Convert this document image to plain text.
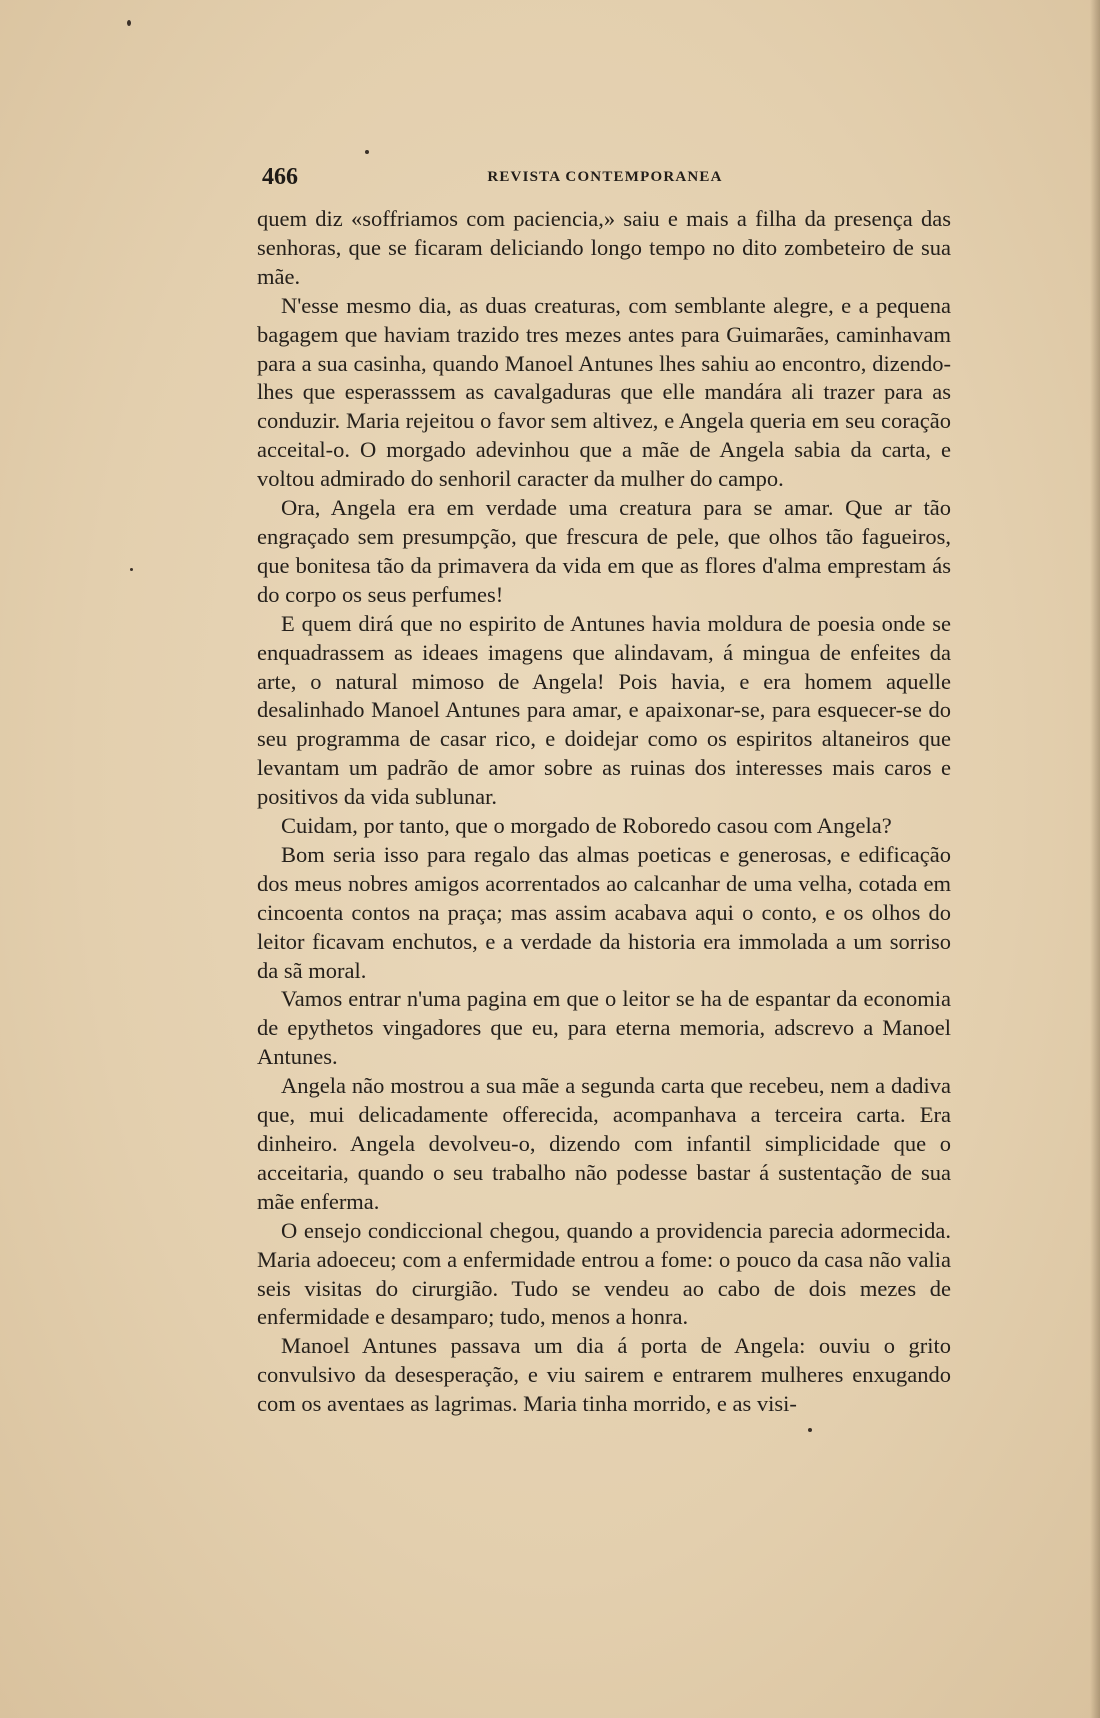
466	REVISTA CONTEMPORANEA

quem diz «soffriamos com paciencia,» saiu e mais a filha da presença das senhoras, que se ficaram deliciando longo tempo no dito zombeteiro de sua mãe.

N'esse mesmo dia, as duas creaturas, com semblante alegre, e a pequena bagagem que haviam trazido tres mezes antes para Guimarães, caminhavam para a sua casinha, quando Manoel Antunes lhes sahiu ao encontro, dizendo-lhes que esperasssem as cavalgaduras que elle mandára ali trazer para as conduzir. Maria rejeitou o favor sem altivez, e Angela queria em seu coração acceital-o. O morgado adevinhou que a mãe de Angela sabia da carta, e voltou admirado do senhoril caracter da mulher do campo.

Ora, Angela era em verdade uma creatura para se amar. Que ar tão engraçado sem presumpção, que frescura de pele, que olhos tão fagueiros, que bonitesa tão da primavera da vida em que as flores d'alma emprestam ás do corpo os seus perfumes!

E quem dirá que no espirito de Antunes havia moldura de poesia onde se enquadrassem as ideaes imagens que alindavam, á mingua de enfeites da arte, o natural mimoso de Angela! Pois havia, e era homem aquelle desalinhado Manoel Antunes para amar, e apaixonar-se, para esquecer-se do seu programma de casar rico, e doidejar como os espiritos altaneiros que levantam um padrão de amor sobre as ruinas dos interesses mais caros e positivos da vida sublunar.

Cuidam, por tanto, que o morgado de Roboredo casou com Angela?

Bom seria isso para regalo das almas poeticas e generosas, e edificação dos meus nobres amigos acorrentados ao calcanhar de uma velha, cotada em cincoenta contos na praça; mas assim acabava aqui o conto, e os olhos do leitor ficavam enchutos, e a verdade da historia era immolada a um sorriso da sã moral.

Vamos entrar n'uma pagina em que o leitor se ha de espantar da economia de epythetos vingadores que eu, para eterna memoria, adscrevo a Manoel Antunes.

Angela não mostrou a sua mãe a segunda carta que recebeu, nem a dadiva que, mui delicadamente offerecida, acompanhava a terceira carta. Era dinheiro. Angela devolveu-o, dizendo com infantil simplicidade que o acceitaria, quando o seu trabalho não podesse bastar á sustentação de sua mãe enferma.

O ensejo condiccional chegou, quando a providencia parecia adormecida. Maria adoeceu; com a enfermidade entrou a fome: o pouco da casa não valia seis visitas do cirurgião. Tudo se vendeu ao cabo de dois mezes de enfermidade e desamparo; tudo, menos a honra.

Manoel Antunes passava um dia á porta de Angela: ouviu o grito convulsivo da desesperação, e viu sairem e entrarem mulheres enxugando com os aventaes as lagrimas. Maria tinha morrido, e as visi-
